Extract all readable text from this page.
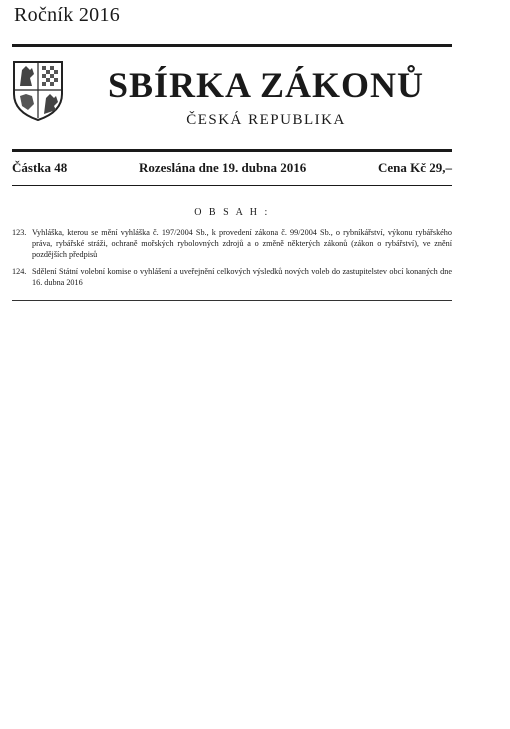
Ročník 2016
SBÍRKA ZÁKONŮ
ČESKÁ REPUBLIKA
Částka 48	Rozeslána dne 19. dubna 2016	Cena Kč 29,–
O B S A H :
123. Vyhláška, kterou se mění vyhláška č. 197/2004 Sb., k provedení zákona č. 99/2004 Sb., o rybníkářství, výkonu rybářského práva, rybářské stráži, ochraně mořských rybolovných zdrojů a o změně některých zákonů (zákon o rybářství), ve znění pozdějších předpisů
124. Sdělení Státní volební komise o vyhlášení a uveřejnění celkových výsledků nových voleb do zastupitelstev obcí konaných dne 16. dubna 2016
